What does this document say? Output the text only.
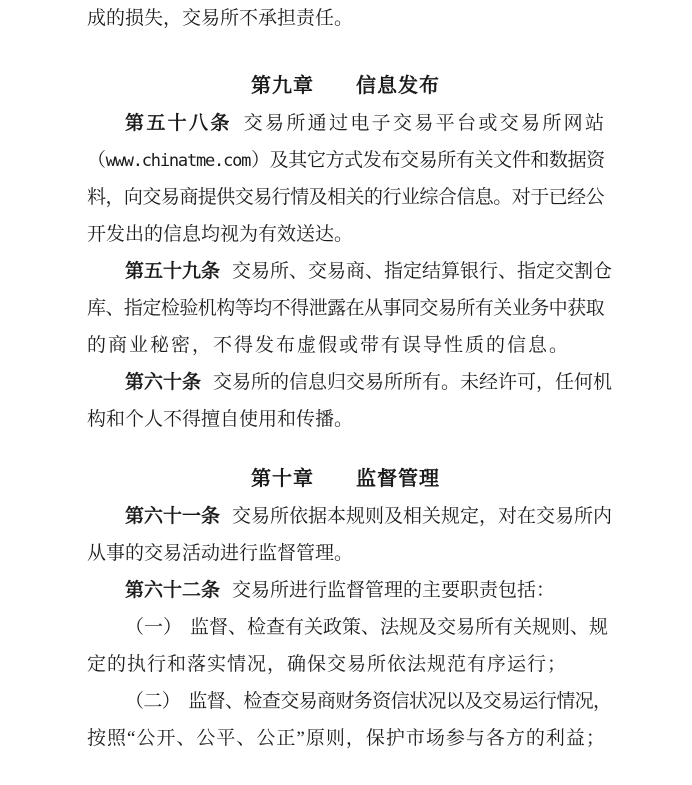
成的损失，交易所不承担责任。
第九章　　信息发布
第五十八条 交易所通过电子交易平台或交易所网站
（www.chinatme.com）及其它方式发布交易所有关文件和数据资
料，向交易商提供交易行情及相关的行业综合信息。对于已经公
开发出的信息均视为有效送达。
第五十九条 交易所、交易商、指定结算银行、指定交割仓
库、指定检验机构等均不得泄露在从事同交易所有关业务中获取
的商业秘密，不得发布虚假或带有误导性质的信息。
第六十条 交易所的信息归交易所所有。未经许可，任何机
构和个人不得擅自使用和传播。
第十章　　监督管理
第六十一条 交易所依据本规则及相关规定，对在交易所内
从事的交易活动进行监督管理。
第六十二条 交易所进行监督管理的主要职责包括：
（一） 监督、检查有关政策、法规及交易所有关规则、规
定的执行和落实情况，确保交易所依法规范有序运行；
（二） 监督、检查交易商财务资信状况以及交易运行情况，
按照“公开、公平、公正”原则，保护市场参与各方的利益；
